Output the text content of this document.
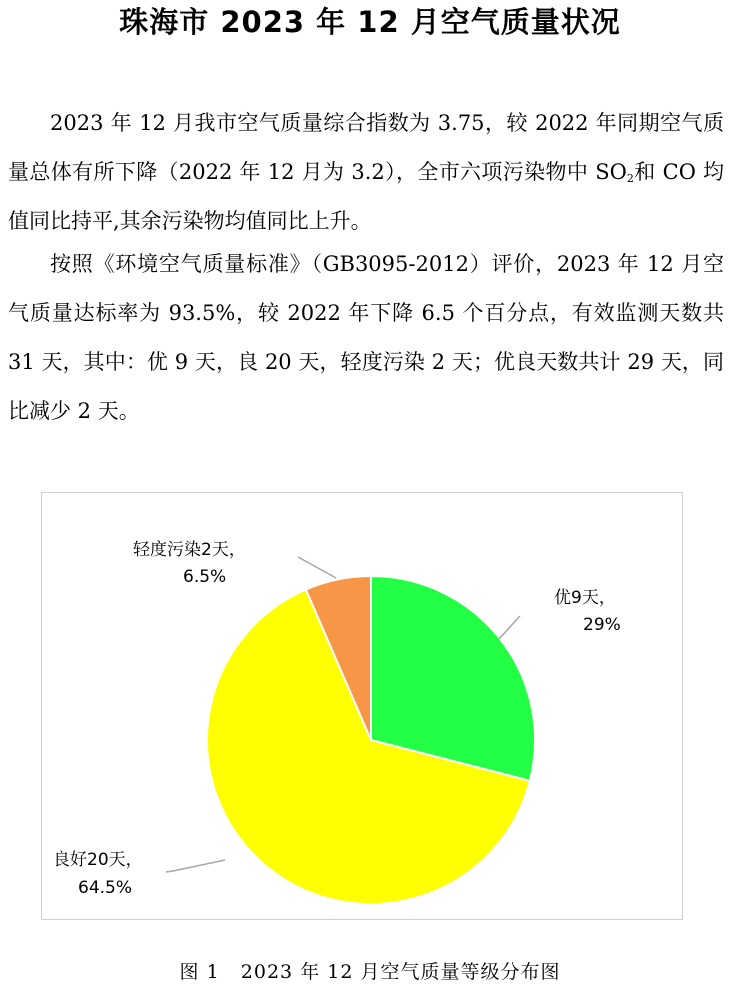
珠海市 2023 年 12 月空气质量状况

2023 年 12 月我市空气质量综合指数为 3.75，较 2022 年同期空气质量总体有所下降（2022 年 12 月为 3.2），全市六项污染物中 $SO_2$和 CO 均值同比持平,其余污染物均值同比上升。

按照《环境空气质量标准》（GB3095-2012）评价，2023 年 12 月空气质量达标率为 93.5%，较 2022 年下降 6.5 个百分点，有效监测天数共 31 天，其中：优 9 天，良 20 天，轻度污染 2 天；优良天数共计 29 天，同比减少 2 天。

优9天，
29%
良好20天，
64.5%
轻度污染2天，
6.5%
图 1 2023 年 12 月空气质量等级分布图
